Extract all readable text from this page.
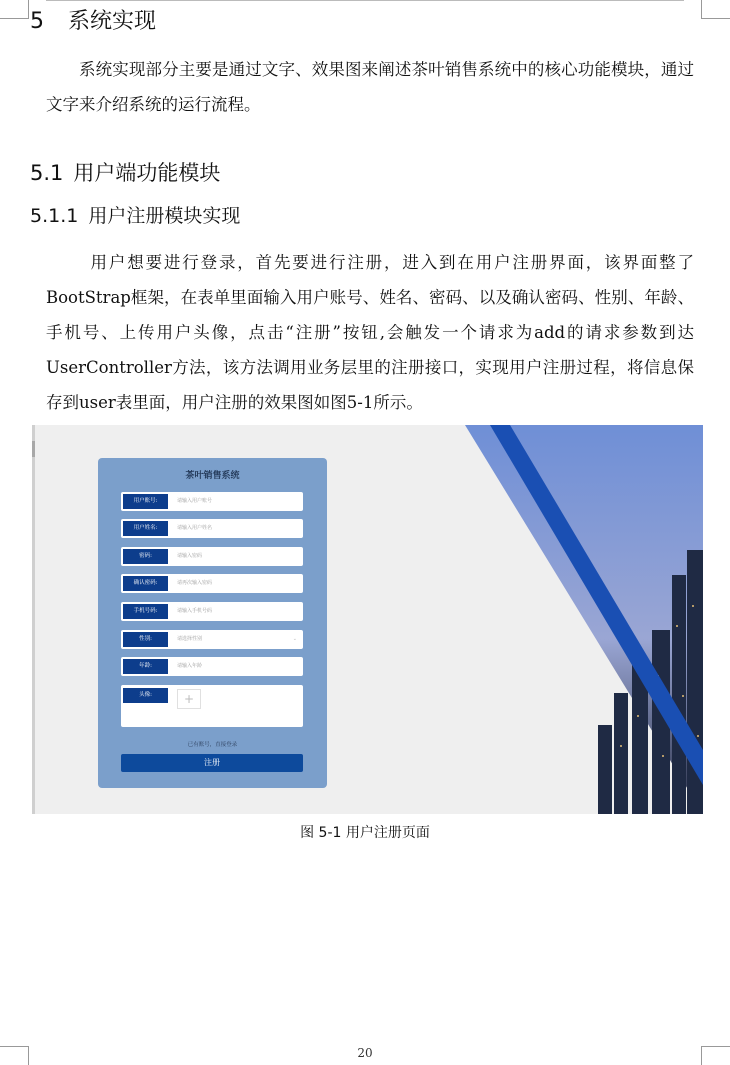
5 系统实现
系统实现部分主要是通过文字、效果图来阐述茶叶销售系统中的核心功能模块，通过文字来介绍系统的运行流程。
5.1 用户端功能模块
5.1.1 用户注册模块实现
用户想要进行登录，首先要进行注册，进入到在用户注册界面，该界面整了BootStrap框架，在表单里面输入用户账号、姓名、密码、以及确认密码、性别、年龄、手机号、上传用户头像，点击“注册”按钮,会触发一个请求为add的请求参数到达UserController方法，该方法调用业务层里的注册接口，实现用户注册过程，将信息保存到user表里面，用户注册的效果图如图5-1所示。
茶叶销售系统
用户账号:	请输入用户账号
用户姓名:	请输入用户姓名
密码:	请输入密码
确认密码:	请再次输入密码
手机号码:	请输入手机号码
性别:	请选择性别	⌄
年龄:	请输入年龄
头像:	+
已有账号，直接登录
注册
图 5-1 用户注册页面
20
